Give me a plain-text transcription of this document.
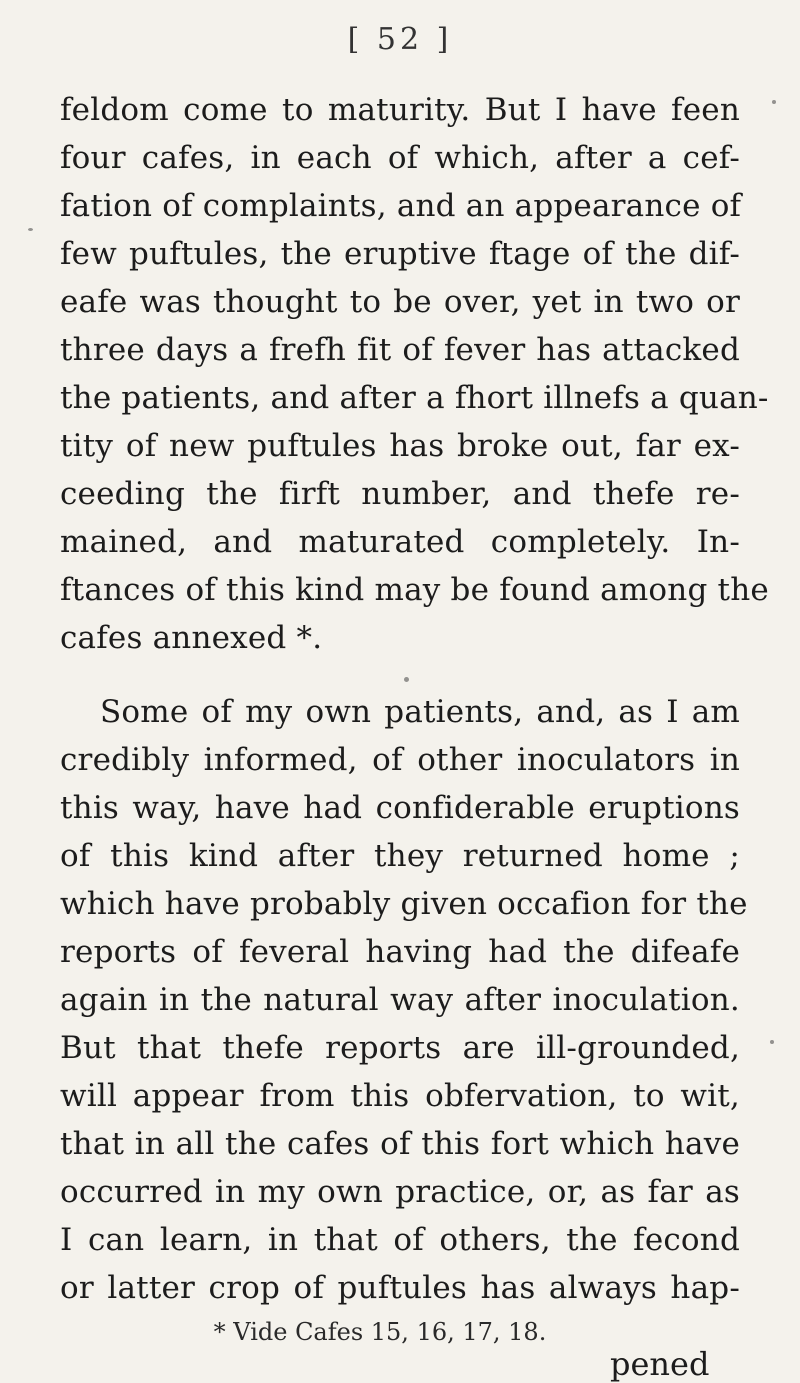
[ 52 ]
feldom come to maturity. But I have feen
four cafes, in each of which, after a cef-
fation of complaints, and an appearance of
few puftules, the eruptive ftage of the dif-
eafe was thought to be over, yet in two or
three days a frefh fit of fever has attacked
the patients, and after a fhort illnefs a quan-
tity of new puftules has broke out, far ex-
ceeding the firft number, and thefe re-
mained, and maturated completely. In-
ftances of this kind may be found among the
cafes annexed *.
Some of my own patients, and, as I am
credibly informed, of other inoculators in
this way, have had confiderable eruptions
of this kind after they returned home ;
which have probably given occafion for the
reports of feveral having had the difeafe
again in the natural way after inoculation.
But that thefe reports are ill-grounded,
will appear from this obfervation, to wit,
that in all the cafes of this fort which have
occurred in my own practice, or, as far as
I can learn, in that of others, the fecond
or latter crop of puftules has always hap-
* Vide Cafes 15, 16, 17, 18.
pened
